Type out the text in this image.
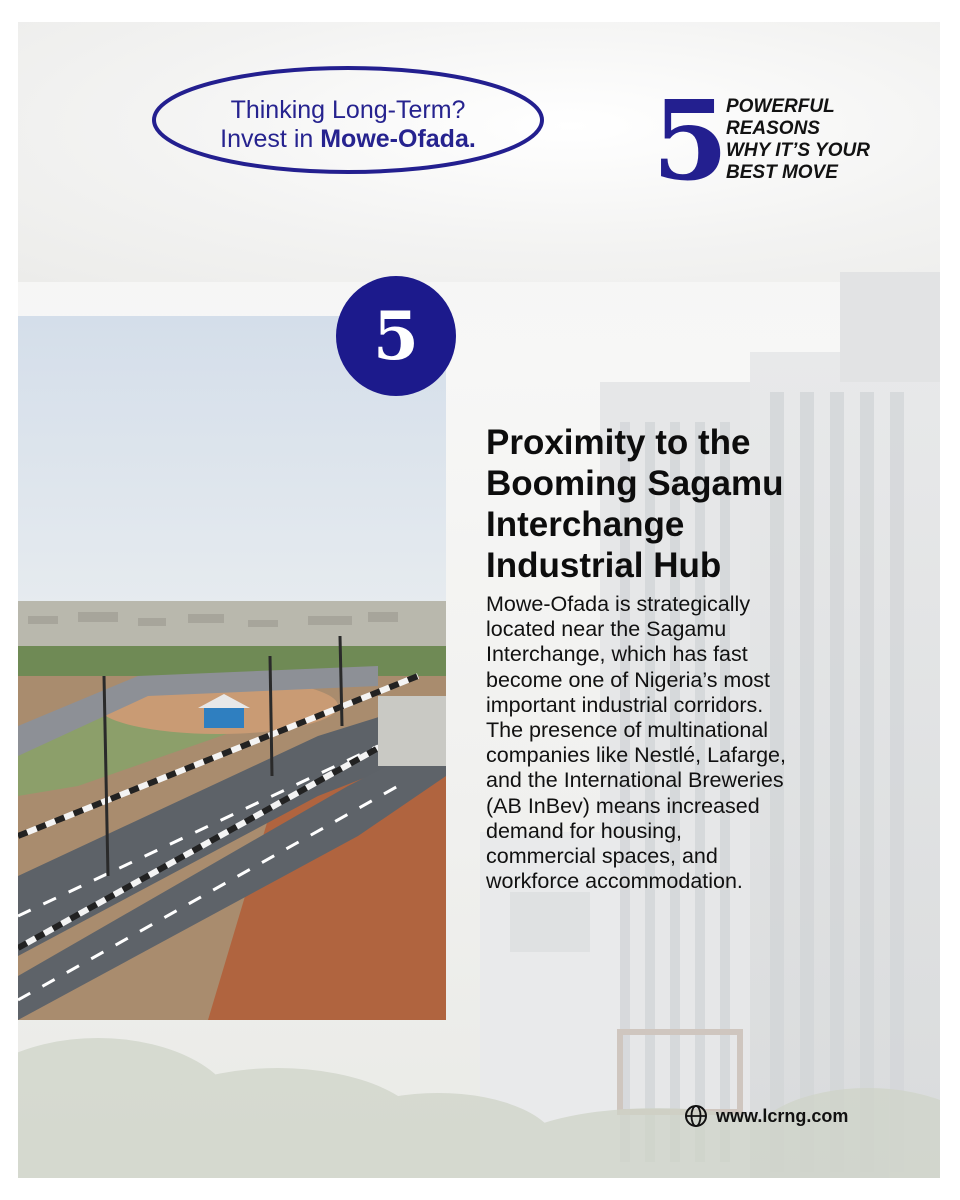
Thinking Long-Term?
Invest in Mowe-Ofada.	5
POWERFUL
REASONS
WHY IT’S YOUR
BEST MOVE
5
Proximity to the
Booming Sagamu
Interchange
Industrial Hub
Mowe-Ofada is strategically
located near the Sagamu
Interchange, which has fast
become one of Nigeria’s most
important industrial corridors.
The presence of multinational
companies like Nestlé, Lafarge,
and the International Breweries
(AB InBev) means increased
demand for housing,
commercial spaces, and
workforce accommodation.
www.lcrng.com
